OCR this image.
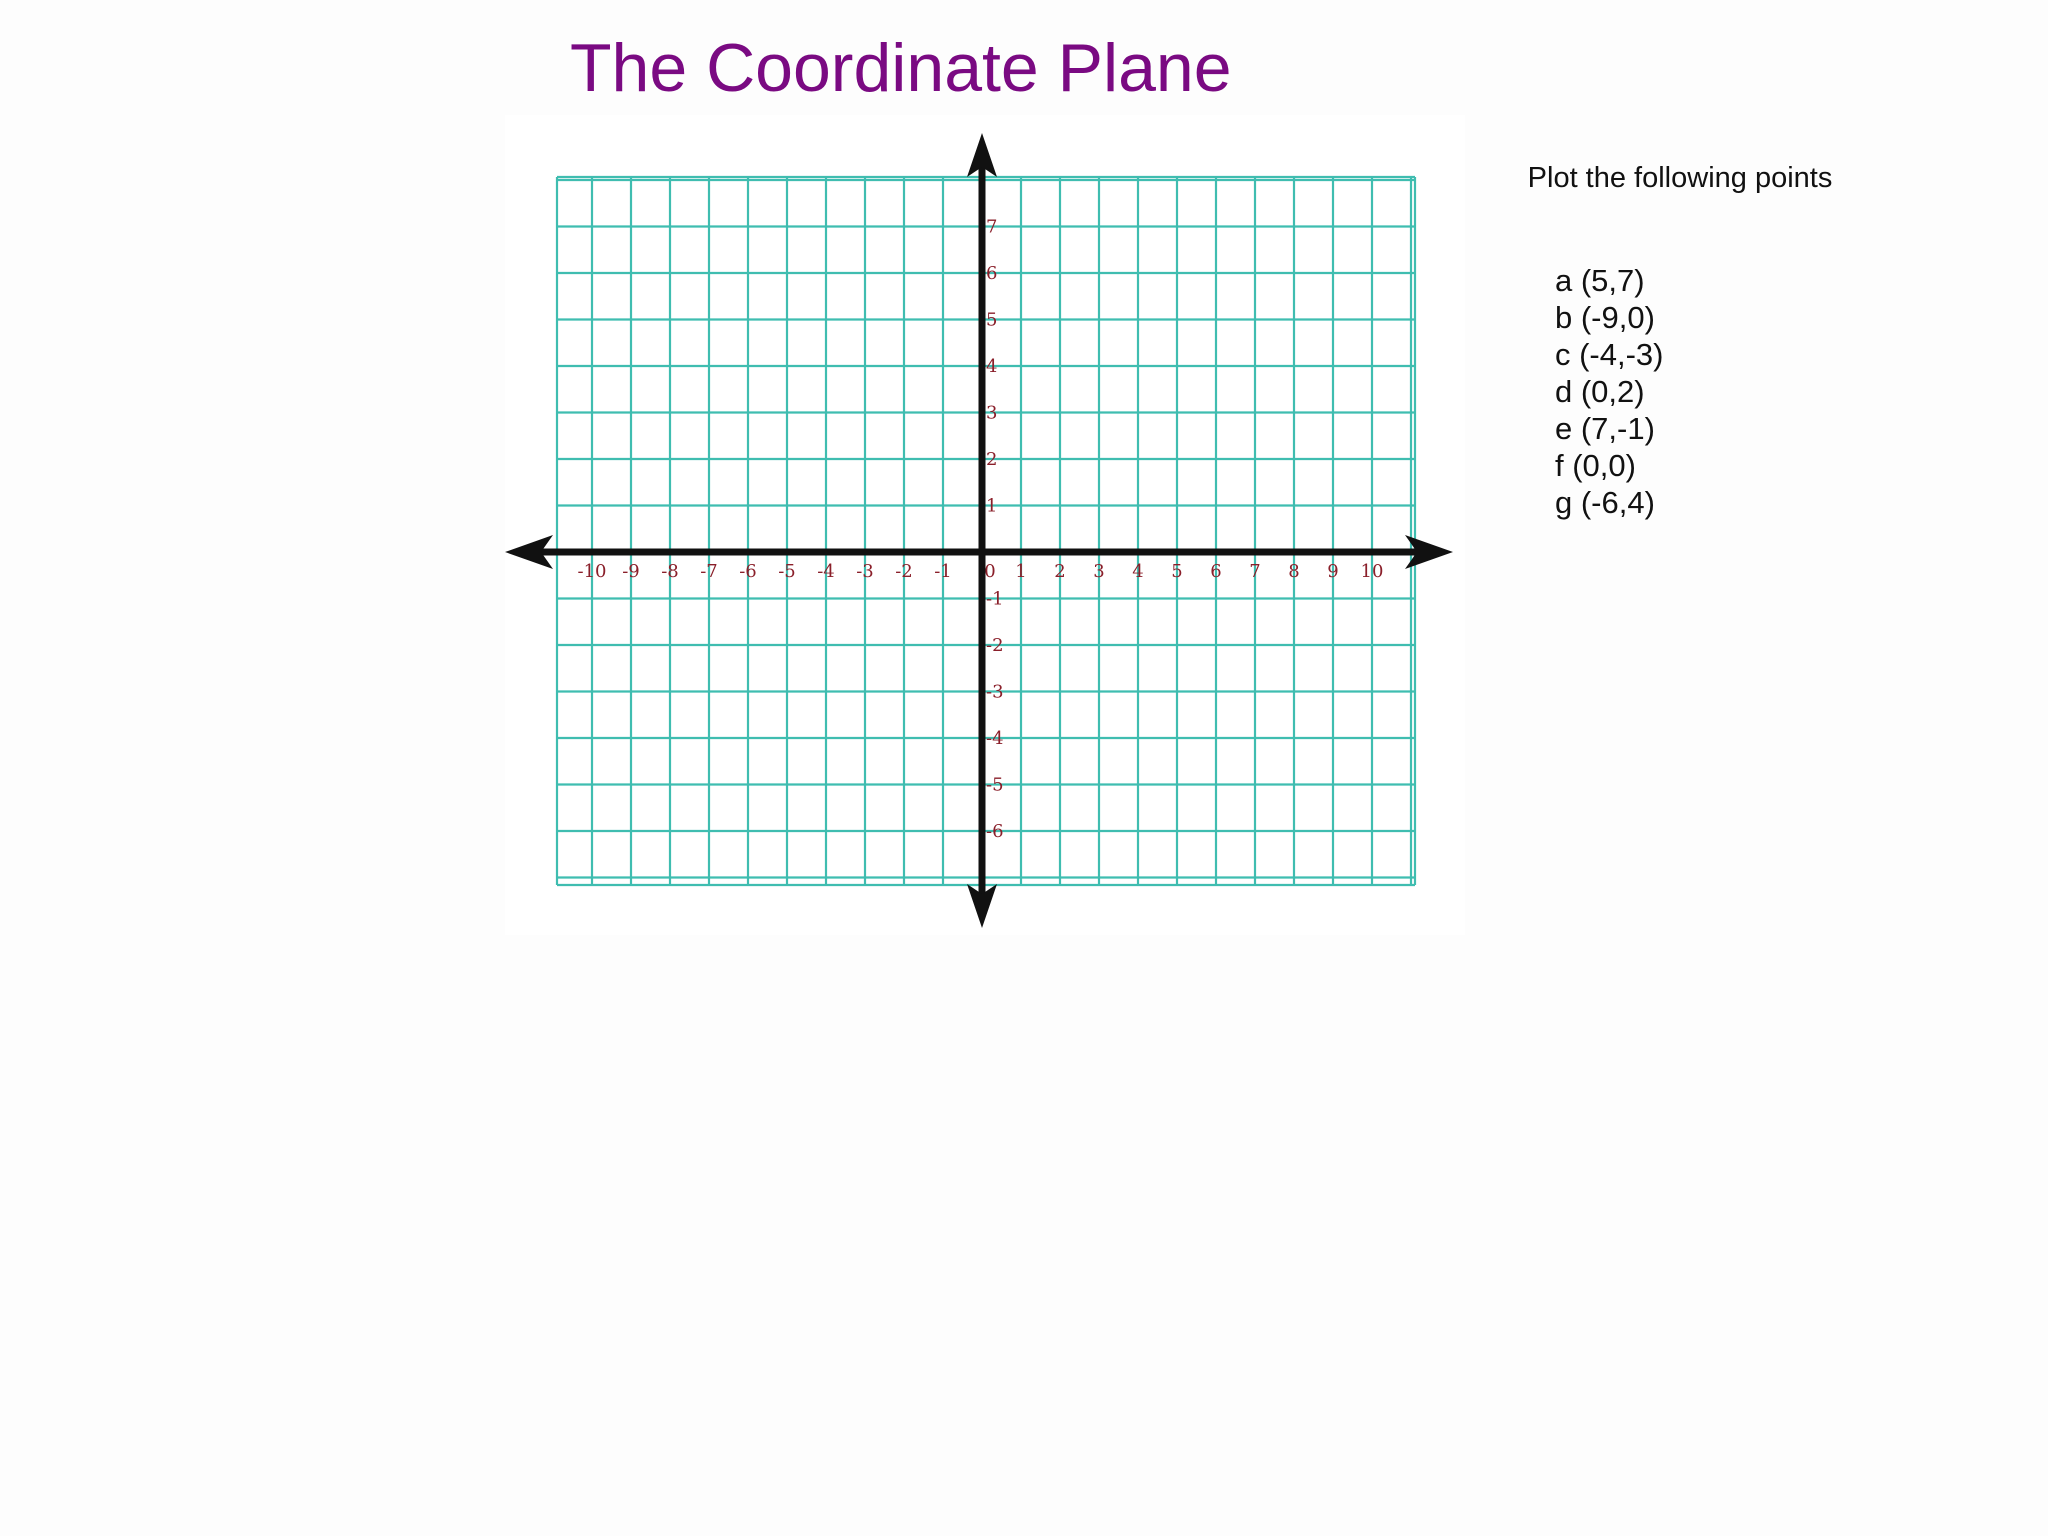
The Coordinate Plane
-10 -9 -8 -7 -6 -5 -4 -3 -2 -1 0 1 2 3 4 5 6 7 8 9 10
7
6
5
4
3
2
1
-1
-2
-3
-4
-5
-6
Plot the following points
a (5,7)
b (-9,0)
c (-4,-3)
d (0,2)
e (7,-1)
f (0,0)
g (-6,4)
